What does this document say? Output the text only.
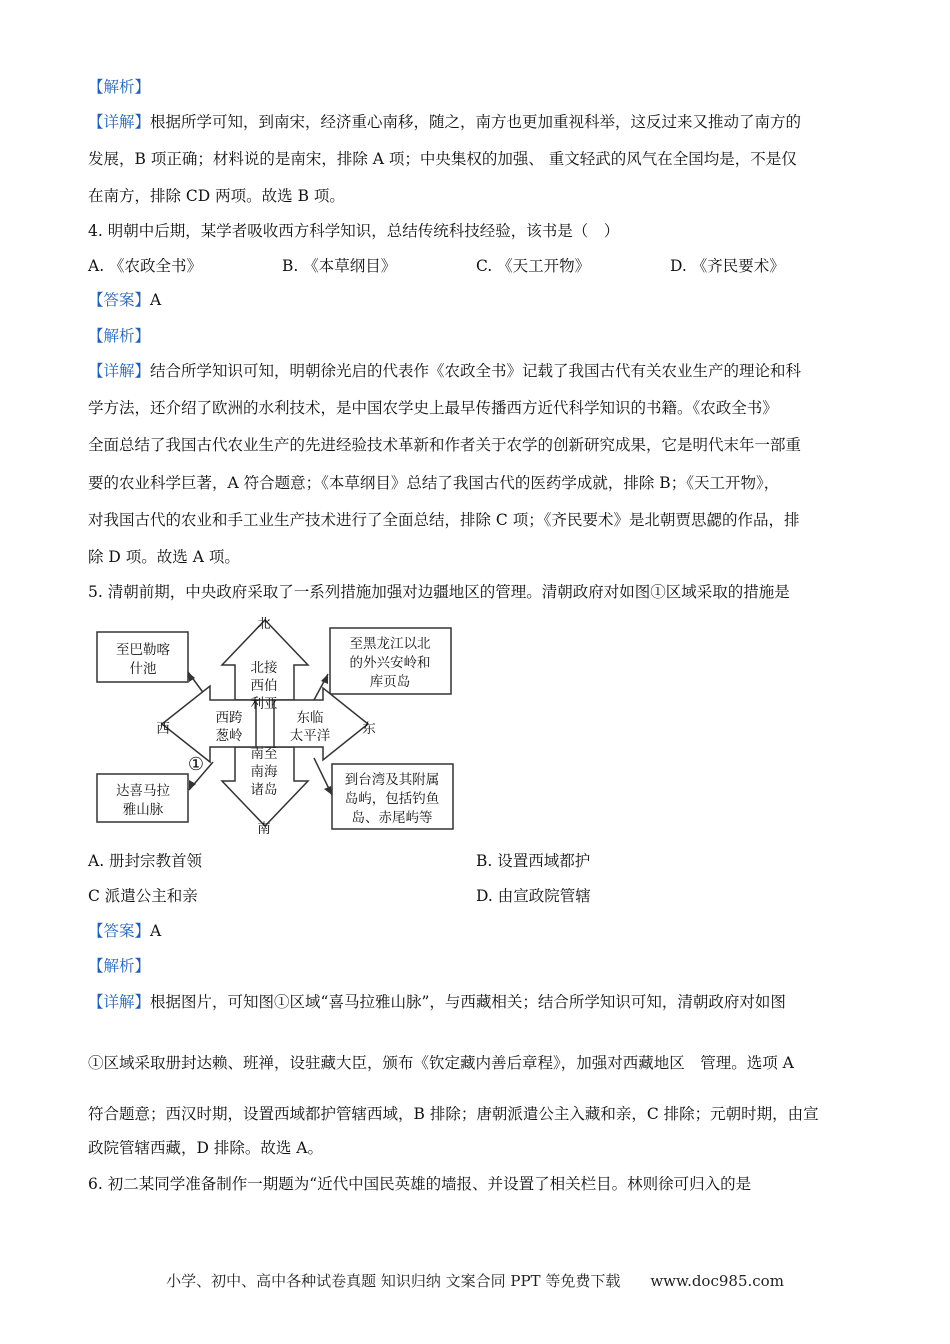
【解析】
【详解】根据所学可知，到南宋，经济重心南移，随之，南方也更加重视科举，这反过来又推动了南方的
发展，B 项正确；材料说的是南宋，排除 A 项；中央集权的加强、 重文轻武的风气在全国均是，不是仅
在南方，排除 CD 两项。故选 B 项。
4. 明朝中后期，某学者吸收西方科学知识，总结传统科技经验，该书是（　）
A. 《农政全书》	B. 《本草纲目》	C. 《天工开物》	D. 《齐民要术》
【答案】A
【解析】
【详解】结合所学知识可知，明朝徐光启的代表作《农政全书》记载了我国古代有关农业生产的理论和科
学方法，还介绍了欧洲的水利技术，是中国农学史上最早传播西方近代科学知识的书籍。《农政全书》
全面总结了我国古代农业生产的先进经验技术革新和作者关于农学的创新研究成果，它是明代末年一部重
要的农业科学巨著，A 符合题意；《本草纲目》总结了我国古代的医药学成就，排除 B；《天工开物》，
对我国古代的农业和手工业生产技术进行了全面总结，排除 C 项；《齐民要术》是北朝贾思勰的作品，排
除 D 项。故选 A 项。
5. 清朝前期，中央政府采取了一系列措施加强对边疆地区的管理。清朝政府对如图①区域采取的措施是
北
南
西	东
北接
西伯
利亚
西跨
葱岭
东临
太平洋
南至
南海
诸岛
至巴勒喀
什池
至黑龙江以北
的外兴安岭和
库页岛
达喜马拉
雅山脉
到台湾及其附属
岛屿，包括钓鱼
岛、赤尾屿等
①
A. 册封宗教首领	B. 设置西域都护
C 派遣公主和亲	D. 由宣政院管辖
【答案】A
【解析】
【详解】根据图片，可知图①区域“喜马拉雅山脉”，与西藏相关；结合所学知识可知，清朝政府对如图
①区域采取册封达赖、班禅，设驻藏大臣，颁布《钦定藏内善后章程》，加强对西藏地区　管理。选项 A
符合题意；西汉时期，设置西域都护管辖西域，B 排除；唐朝派遣公主入藏和亲，C 排除；元朝时期，由宣
政院管辖西藏，D 排除。故选 A。
6. 初二某同学准备制作一期题为“近代中国民英雄的墙报、并设置了相关栏目。林则徐可归入的是
小学、初中、高中各种试卷真题 知识归纳 文案合同 PPT 等免费下载　　www.doc985.com
